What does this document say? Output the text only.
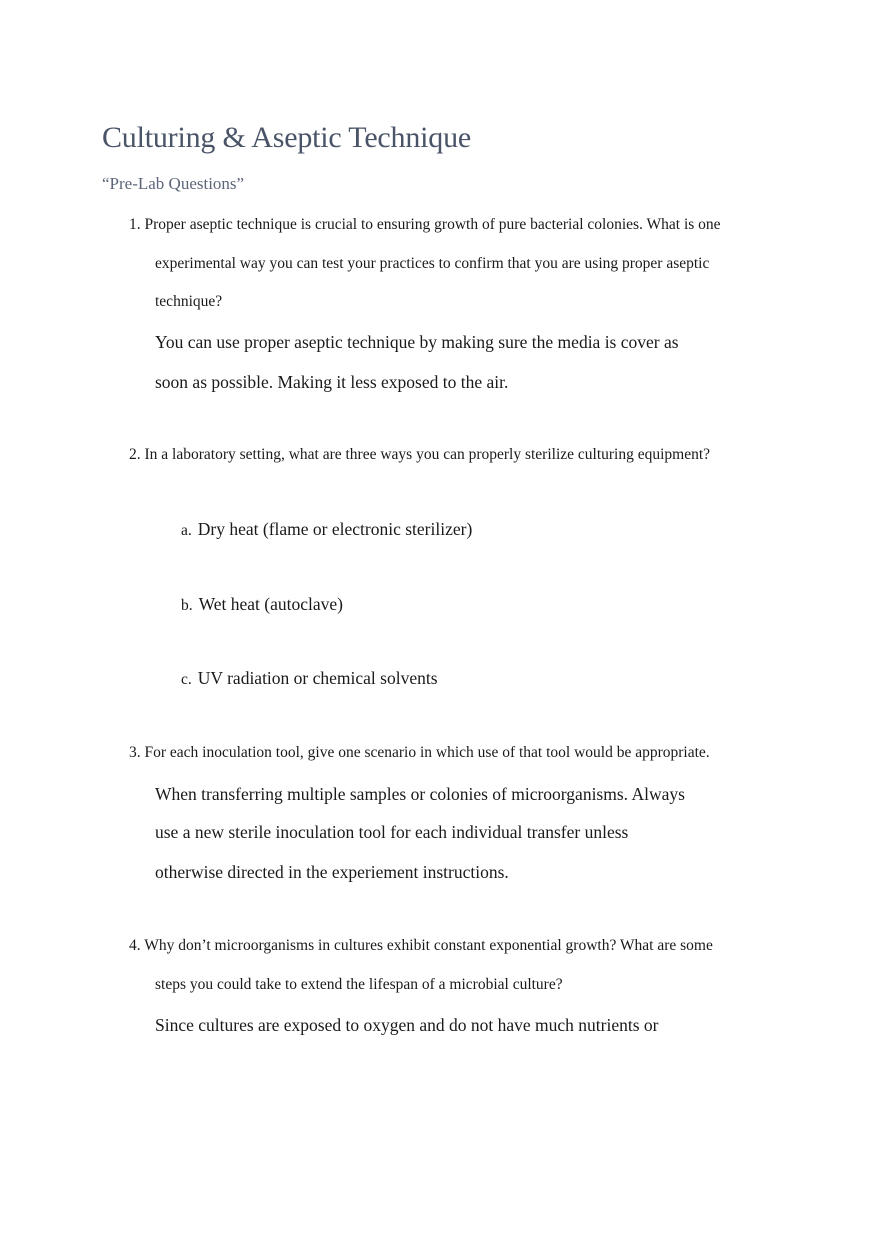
Culturing & Aseptic Technique
“Pre-Lab Questions”
1. Proper aseptic technique is crucial to ensuring growth of pure bacterial colonies. What is one
experimental way you can test your practices to confirm that you are using proper aseptic
technique?
You can use proper aseptic technique by making sure the media is cover as
soon as possible. Making it less exposed to the air.
2. In a laboratory setting, what are three ways you can properly sterilize culturing equipment?
a. Dry heat (flame or electronic sterilizer)
b. Wet heat (autoclave)
c. UV radiation or chemical solvents
3. For each inoculation tool, give one scenario in which use of that tool would be appropriate.
When transferring multiple samples or colonies of microorganisms. Always
use a new sterile inoculation tool for each individual transfer unless
otherwise directed in the experiement instructions.
4. Why don’t microorganisms in cultures exhibit constant exponential growth? What are some
steps you could take to extend the lifespan of a microbial culture?
Since cultures are exposed to oxygen and do not have much nutrients or
